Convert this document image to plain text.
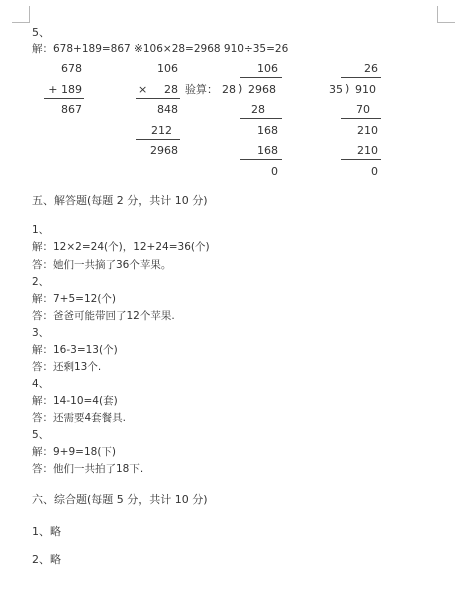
5、
解：678+189=867 ※106×28=2968 910÷35=26
678
+ 189
867
106
×	28
848
212
2968
验算：
106
28 ) 2968
28
168
168
0
26
35 ) 910
70
210
210
0
五、解答题(每题 2 分，共计 10 分)
1、
解：12×2=24(个)，12+24=36(个)
答：她们一共摘了36个苹果。
2、
解：7+5=12(个)
答：爸爸可能带回了12个苹果.
3、
解：16-3=13(个)
答：还剩13个.
4、
解：14-10=4(套)
答：还需要4套餐具.
5、
解：9+9=18(下)
答：他们一共拍了18下.
六、综合题(每题 5 分，共计 10 分)
1、略
2、略
